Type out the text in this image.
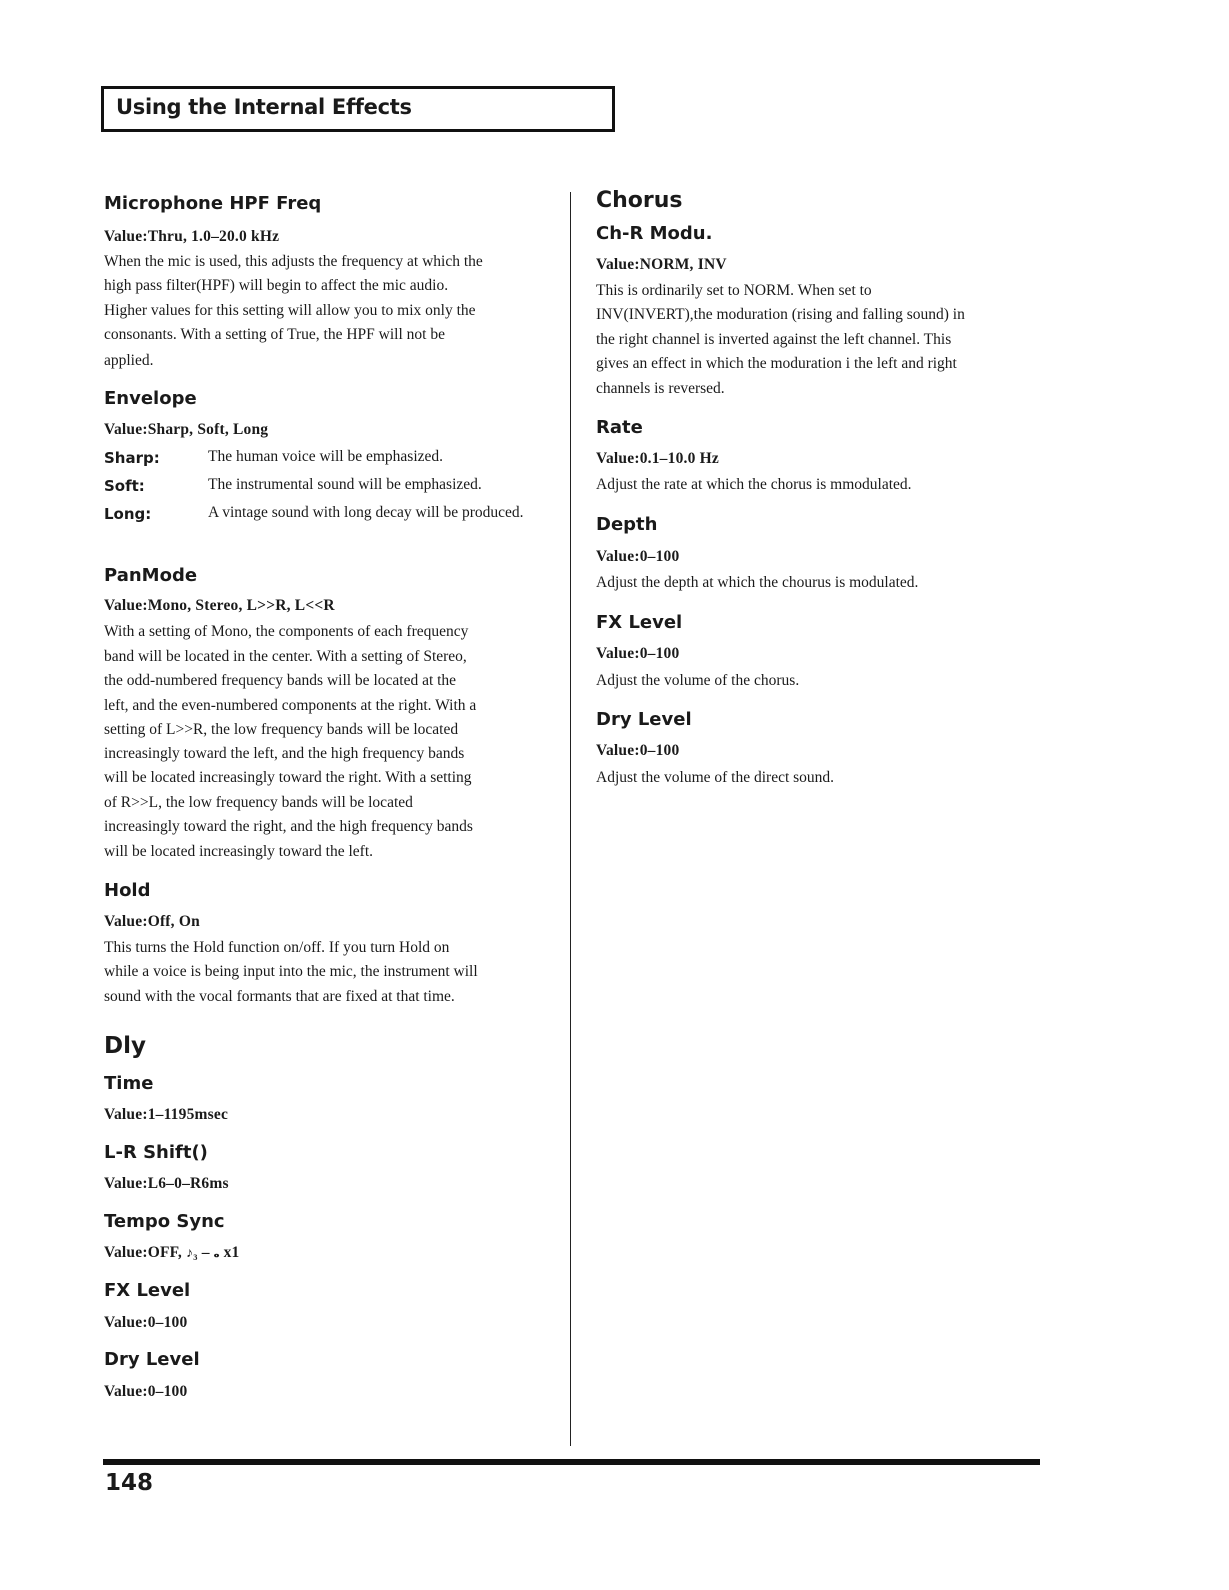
Using the Internal Effects
Microphone HPF Freq
Value:Thru, 1.0–20.0 kHz
When the mic is used, this adjusts the frequency at which the
high pass filter(HPF) will begin to affect the mic audio.
Higher values for this setting will allow you to mix only the
consonants. With a setting of True, the HPF will not be
applied.
Envelope
Value:Sharp, Soft, Long
Sharp:	The human voice will be emphasized.
Soft:	The instrumental sound will be emphasized.
Long:	A vintage sound with long decay will be produced.
PanMode
Value:Mono, Stereo, L>>R, L<<R
With a setting of Mono, the components of each frequency
band will be located in the center. With a setting of Stereo,
the odd-numbered frequency bands will be located at the
left, and the even-numbered components at the right. With a
setting of L>>R, the low frequency bands will be located
increasingly toward the left, and the high frequency bands
will be located increasingly toward the right. With a setting
of R>>L, the low frequency bands will be located
increasingly toward the right, and the high frequency bands
will be located increasingly toward the left.
Hold
Value:Off, On
This turns the Hold function on/off. If you turn Hold on
while a voice is being input into the mic, the instrument will
sound with the vocal formants that are fixed at that time.
Dly
Time
Value:1–1195msec
L-R Shift()
Value:L6–0–R6ms
Tempo Sync
Value:OFF, ♪₃ – 𝅝 x1
FX Level
Value:0–100
Dry Level
Value:0–100
Chorus
Ch-R Modu.
Value:NORM, INV
This is ordinarily set to NORM. When set to
INV(INVERT),the moduration (rising and falling sound) in
the right channel is inverted against the left channel. This
gives an effect in which the moduration i the left and right
channels is reversed.
Rate
Value:0.1–10.0 Hz
Adjust the rate at which the chorus is mmodulated.
Depth
Value:0–100
Adjust the depth at which the chourus is modulated.
FX Level
Value:0–100
Adjust the volume of the chorus.
Dry Level
Value:0–100
Adjust the volume of the direct sound.
148
